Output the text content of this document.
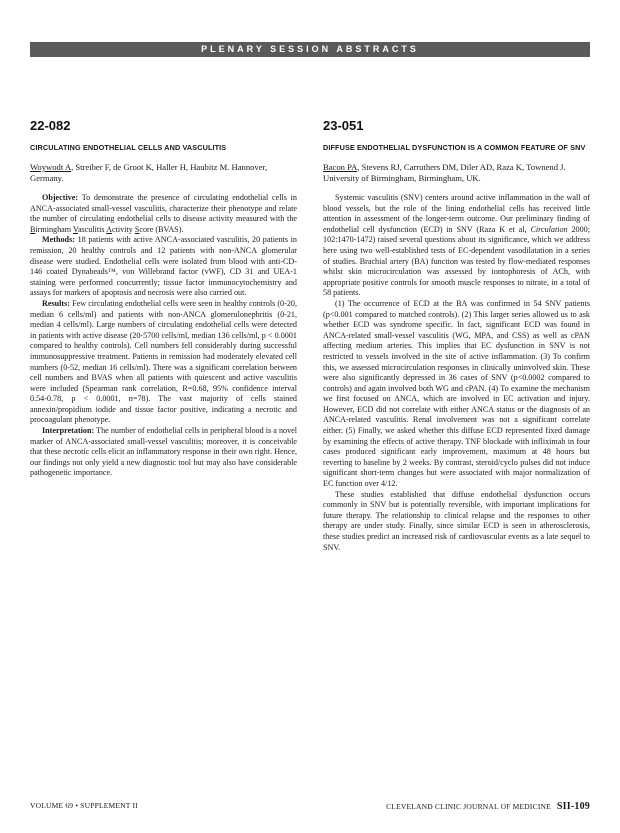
PLENARY SESSION ABSTRACTS
22-082
CIRCULATING ENDOTHELIAL CELLS AND VASCULITIS
Woywodt A, Streiber F, de Groot K, Haller H, Haubitz M. Hannover, Germany.

Objective: To demonstrate the presence of circulating endothelial cells in ANCA-associated small-vessel vasculitis, characterize their phenotype and relate the number of circulating endothelial cells to disease activity measured with the Birmingham Vasculitis Activity Score (BVAS).

Methods: 18 patients with active ANCA-associated vasculitis, 20 patients in remission, 20 healthy controls and 12 patients with non-ANCA glomerular disease were studied. Endothelial cells were isolated from blood with anti-CD-146 coated Dynabeads™, von Willebrand factor (vWF), CD 31 and UEA-1 staining were performed concurrently; tissue factor immunocytochemistry and assays for markers of apoptosis and necrosis were also carried out.

Results: Few circulating endothelial cells were seen in healthy controls (0-20, median 6 cells/ml) and patients with non-ANCA glomerulonephritis (0-21, median 4 cells/ml). Large numbers of circulating endothelial cells were detected in patients with active disease (20-5700 cells/ml, median 136 cells/ml, p < 0.0001 compared to healthy controls). Cell numbers fell considerably during successful immunosuppressive treatment. Patients in remission had moderately elevated cell numbers (0-52, median 16 cells/ml). There was a significant correlation between cell numbers and BVAS when all patients with quiescent and active vasculitis were included (Spearman rank correlation, R=0.68, 95% confidence interval 0.54-0.78, p < 0.0001, n=78). The vast majority of cells stained annexin/propidium iodide and tissue factor positive, indicating a necrotic and procoagulant phenotype.

Interpretation: The number of endothelial cells in peripheral blood is a novel marker of ANCA-associated small-vessel vasculitis; moreover, it is conceivable that these necrotic cells elicit an inflammatory response in their own right. Hence, our findings not only yield a new diagnostic tool but may also have considerable pathogenetic importance.

23-051
DIFFUSE ENDOTHELIAL DYSFUNCTION IS A COMMON FEATURE OF SNV
Bacon PA, Stevens RJ, Carruthers DM, Diler AD, Raza K, Townend J. University of Birmingham, Birmingham, UK.

Systemic vasculitis (SNV) centers around active inflammation in the wall of blood vessels, but the role of the lining endothelial cells has received little attention in assessment of the longer-term outcome. Our preliminary finding of endothelial cell dysfunction (ECD) in SNV (Raza K et al, Circulation 2000; 102:1470-1472) raised several questions about its significance, which we address here using two well-established tests of EC-dependent vasodilatation in a series of studies. Brachial artery (BA) function was tested by flow-mediated responses whilst skin microcirculation was assessed by iontophoresis of ACh, with appropriate positive controls for smooth muscle responses to nitrate, in a total of 58 patients.

(1) The occurrence of ECD at the BA was confirmed in 54 SNV patients (p<0.001 compared to matched controls). (2) This larger series allowed us to ask whether ECD was syndrome specific. In fact, significant ECD was found in ANCA-related small-vessel vasculitis (WG, MPA, and CSS) as well as cPAN affecting medium arteries. This implies that EC dysfunction in SNV is not restricted to vessels involved in the site of active inflammation. (3) To confirm this, we assessed microcirculation responses in clinically uninvolved skin. These were also significantly depressed in 36 cases of SNV (p<0.0002 compared to controls) and again involved both WG and cPAN. (4) To examine the mechanism we first focused on ANCA, which are involved in EC activation and injury. However, ECD did not correlate with either ANCA status or the diagnosis of an ANCA-related vasculitis. Renal involvement was not a significant correlate either. (5) Finally, we asked whether this diffuse ECD represented fixed damage by examining the effects of active therapy. TNF blockade with infliximab in four cases produced significant early improvement, maximum at 48 hours but reverting to baseline by 2 weeks. By contrast, steroid/cyclo pulses did not induce significant short-term changes but were associated with major normalization of EC function over 4/12.

These studies established that diffuse endothelial dysfunction occurs commonly in SNV but is potentially reversible, with important implications for future therapy. The relationship to clinical relapse and the responses to other therapy are under study. Finally, since similar ECD is seen in atherosclerosis, these studies predict an increased risk of cardiovascular events as a late sequel to SNV.

VOLUME 69 • SUPPLEMENT II	CLEVELAND CLINIC JOURNAL OF MEDICINE SII-109
